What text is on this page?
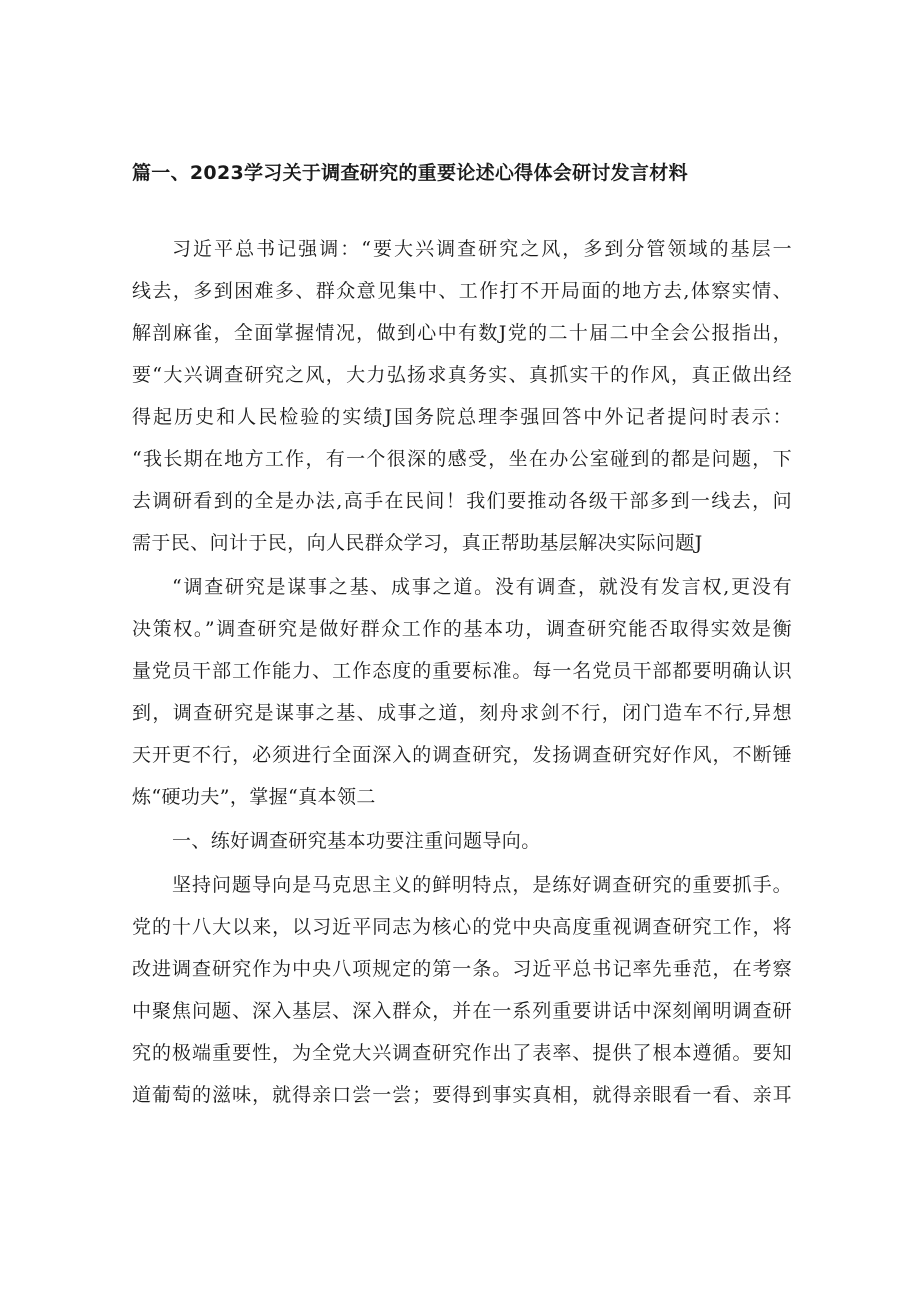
篇一、2023学习关于调查研究的重要论述心得体会研讨发言材料
习近平总书记强调：“要大兴调查研究之风，多到分管领域的基层一
线去，多到困难多、群众意见集中、工作打不开局面的地方去,体察实情、
解剖麻雀，全面掌握情况，做到心中有数J党的二十届二中全会公报指出，
要“大兴调查研究之风，大力弘扬求真务实、真抓实干的作风，真正做出经
得起历史和人民检验的实绩J国务院总理李强回答中外记者提问时表示：
“我长期在地方工作，有一个很深的感受，坐在办公室碰到的都是问题，下
去调研看到的全是办法,高手在民间！我们要推动各级干部多到一线去，问
需于民、问计于民，向人民群众学习，真正帮助基层解决实际问题J
“调查研究是谋事之基、成事之道。没有调查，就没有发言权,更没有
决策权。”调查研究是做好群众工作的基本功，调查研究能否取得实效是衡
量党员干部工作能力、工作态度的重要标准。每一名党员干部都要明确认识
到，调查研究是谋事之基、成事之道，刻舟求剑不行，闭门造车不行,异想
天开更不行，必须进行全面深入的调查研究，发扬调查研究好作风，不断锤
炼“硬功夫”，掌握“真本领二
一、练好调查研究基本功要注重问题导向。
坚持问题导向是马克思主义的鲜明特点，是练好调查研究的重要抓手。
党的十八大以来，以习近平同志为核心的党中央高度重视调查研究工作，将
改进调查研究作为中央八项规定的第一条。习近平总书记率先垂范，在考察
中聚焦问题、深入基层、深入群众，并在一系列重要讲话中深刻阐明调查研
究的极端重要性，为全党大兴调查研究作出了表率、提供了根本遵循。要知
道葡萄的滋味，就得亲口尝一尝；要得到事实真相，就得亲眼看一看、亲耳
